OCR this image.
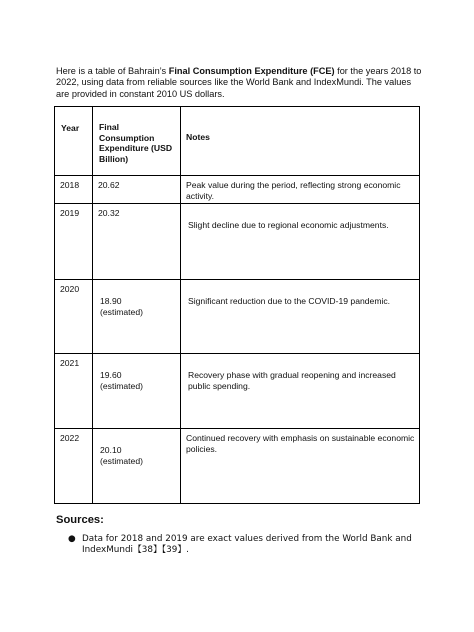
Here is a table of Bahrain’s Final Consumption Expenditure (FCE) for the years 2018 to 2022, using data from reliable sources like the World Bank and IndexMundi. The values are provided in constant 2010 US dollars.

Year	Final Consumption Expenditure (USD Billion)	Notes

2018	20.62	Peak value during the period, reflecting strong economic activity.

2019	20.32	Slight decline due to regional economic adjustments.

2020	18.90 (estimated)	Significant reduction due to the COVID-19 pandemic.

2021	19.60 (estimated)	Recovery phase with gradual reopening and increased public spending.

2022	20.10 (estimated)	Continued recovery with emphasis on sustainable economic policies.
Sources:
● Data for 2018 and 2019 are exact values derived from the World Bank and IndexMundi【38】【39】.
